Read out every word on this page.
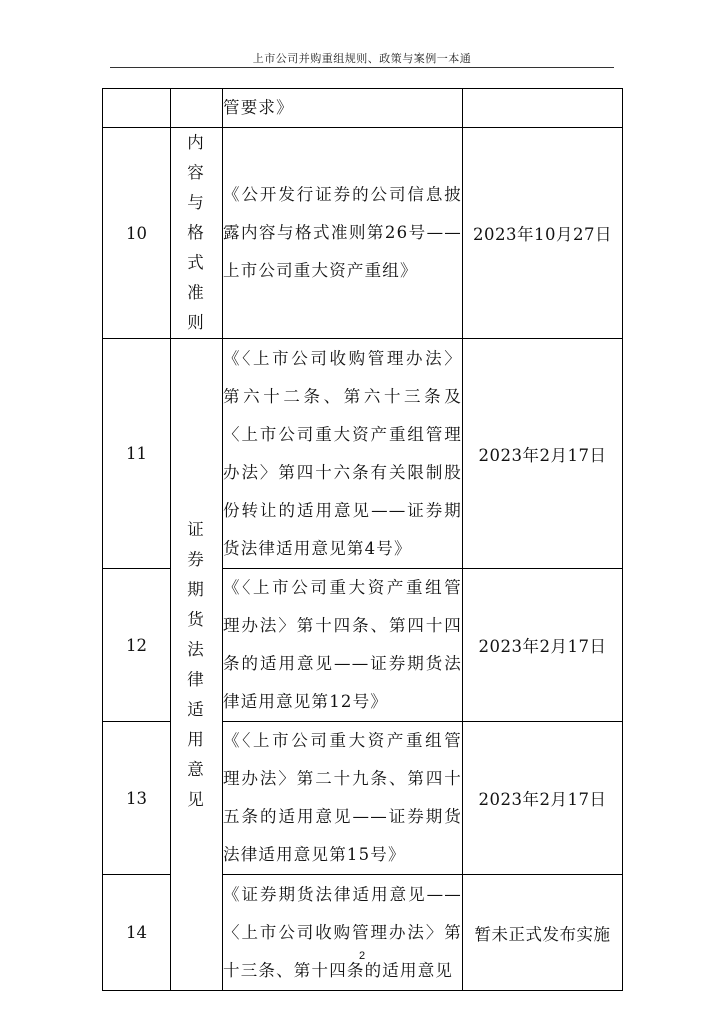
上市公司并购重组规则、政策与案例一本通
		管要求》	
10	内容与格式准则	《公开发行证券的公司信息披露内容与格式准则第26号——上市公司重大资产重组》	2023年10月27日
11	证券期货法律适用意见	《〈上市公司收购管理办法〉第六十二条、第六十三条及〈上市公司重大资产重组管理办法〉第四十六条有关限制股份转让的适用意见——证券期货法律适用意见第4号》	2023年2月17日
12		《〈上市公司重大资产重组管理办法〉第十四条、第四十四条的适用意见——证券期货法律适用意见第12号》	2023年2月17日
13		《〈上市公司重大资产重组管理办法〉第二十九条、第四十五条的适用意见——证券期货法律适用意见第15号》	2023年2月17日
14		《证券期货法律适用意见——〈上市公司收购管理办法〉第十三条、第十四条的适用意见	暂未正式发布实施
2
